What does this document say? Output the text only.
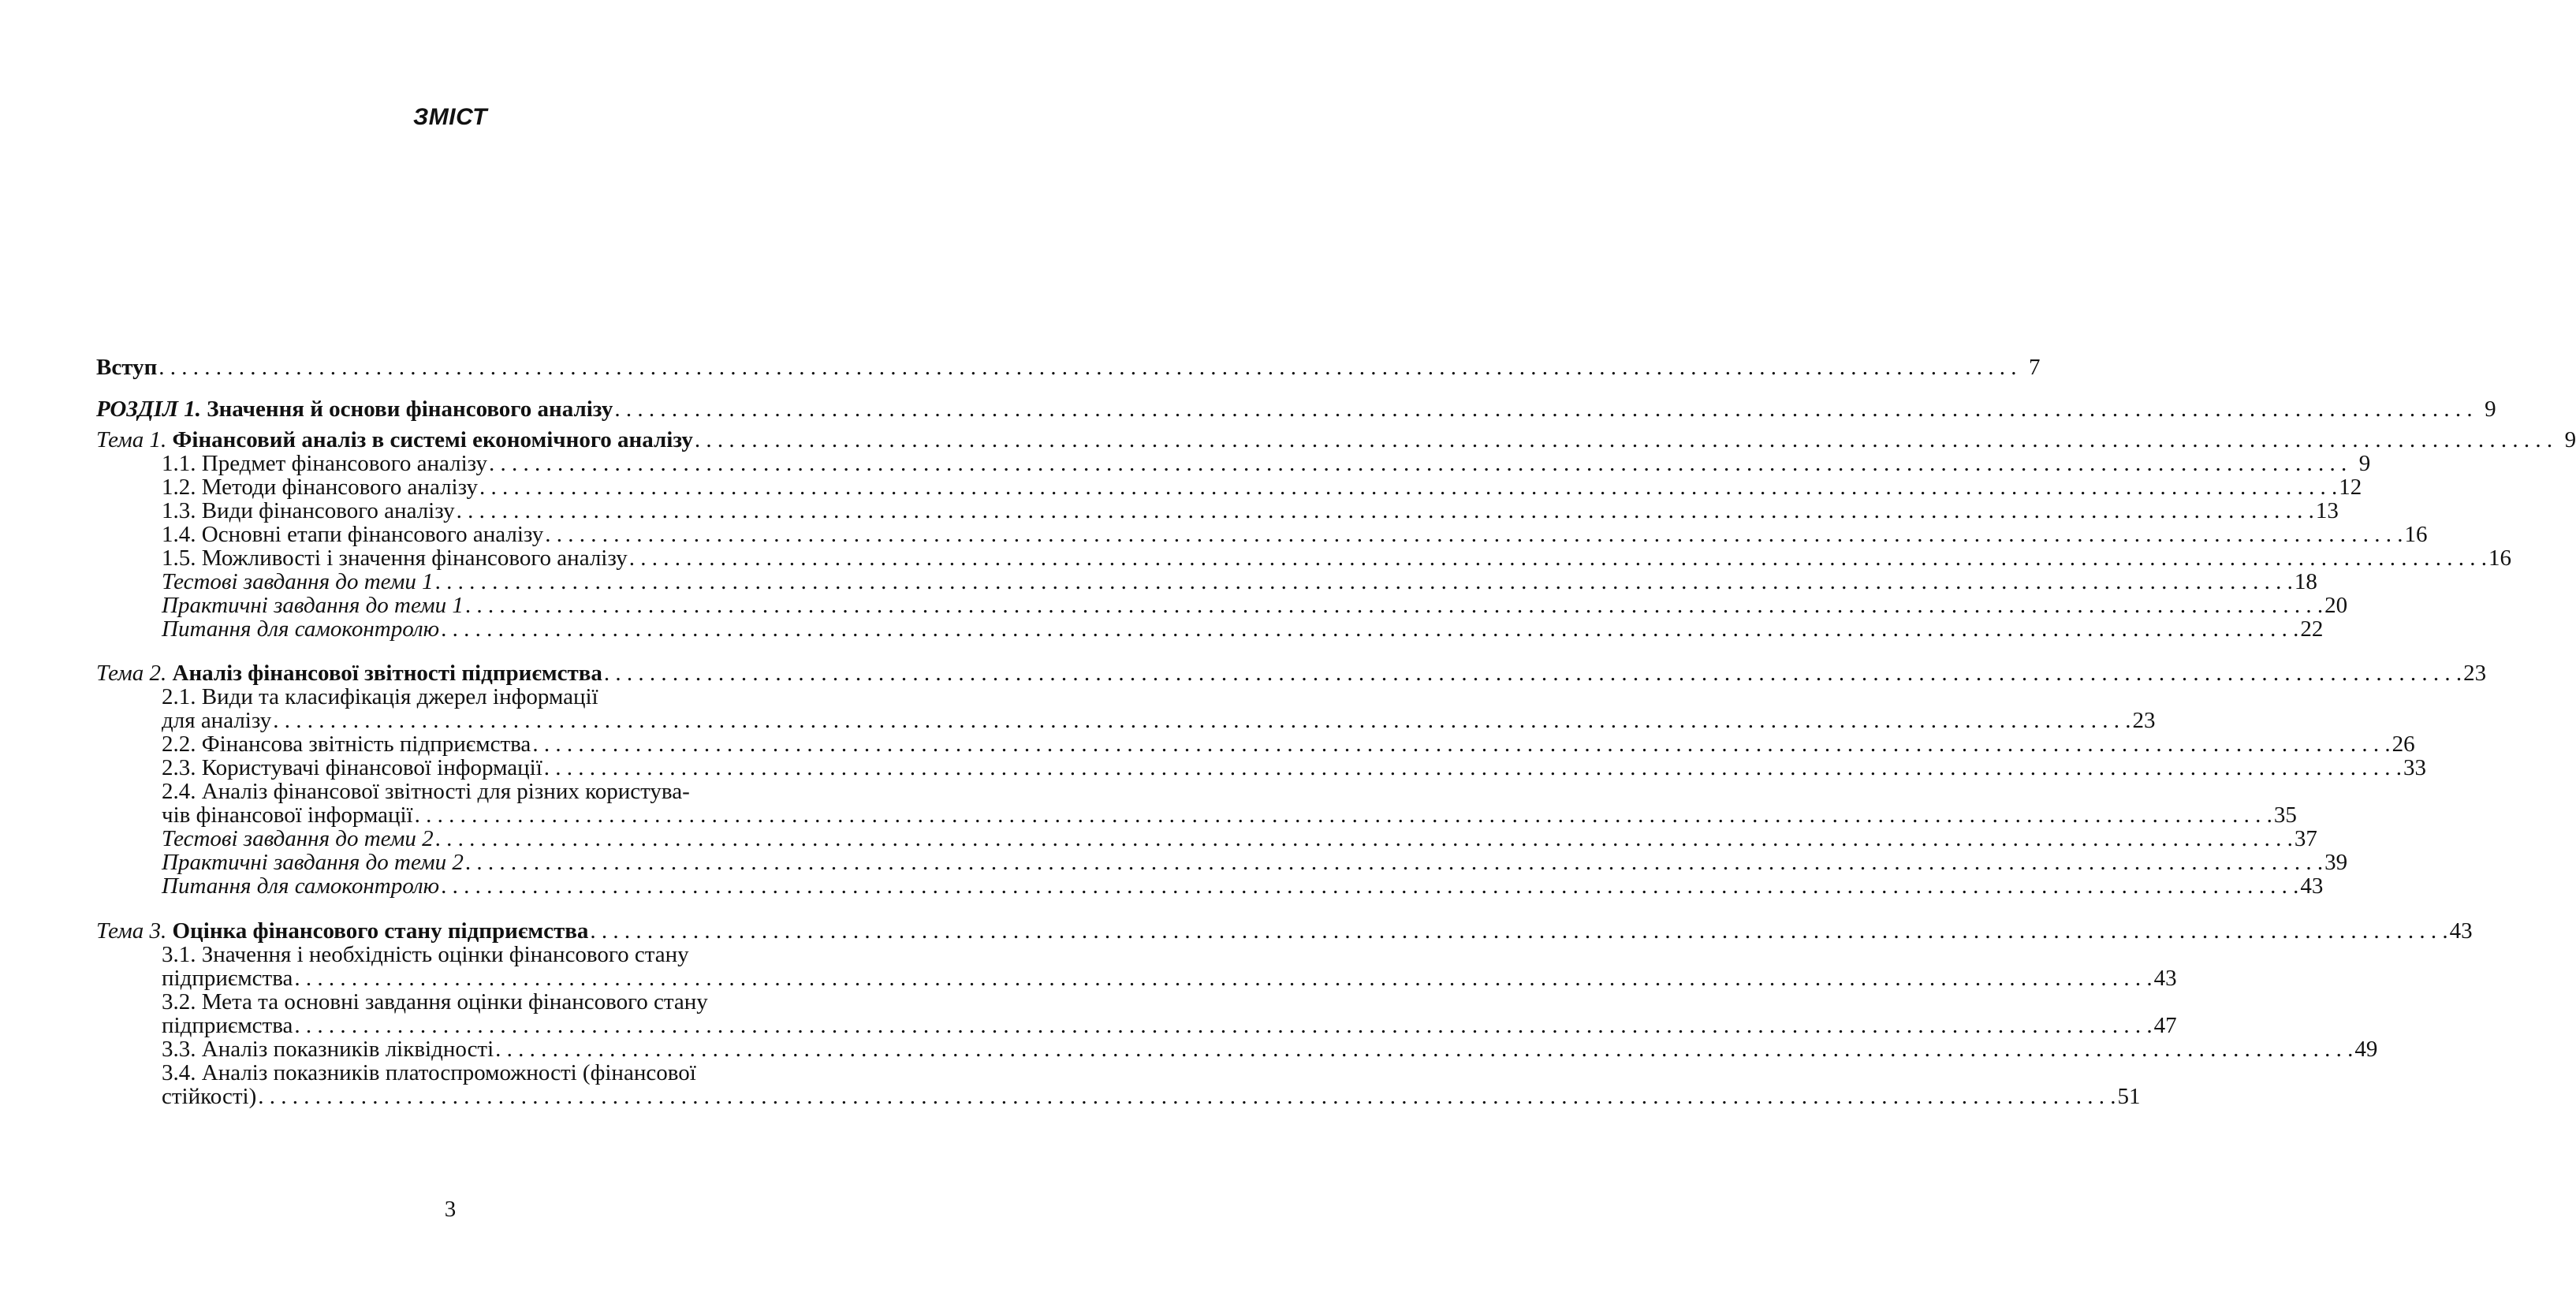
ЗМІСТ
Вступ . . .	7
РОЗДІЛ 1. Значення й основи фінансового аналізу . . .	9
Тема 1. Фінансовий аналіз в системі економічного аналізу . . .	9
1.1. Предмет фінансового аналізу . . .	9
1.2. Методи фінансового аналізу . . .	12
1.3. Види фінансового аналізу . . .	13
1.4. Основні етапи фінансового аналізу . . .	16
1.5. Можливості і значення фінансового аналізу . . .	16
Тестові завдання до теми 1 . . .	18
Практичні завдання до теми 1 . . .	20
Питання для самоконтролю . . .	22
Тема 2. Аналіз фінансової звітності підприємства . . .	23
2.1. Види та класифікація джерел інформації
для аналізу . . .	23
2.2. Фінансова звітність підприємства . . .	26
2.3. Користувачі фінансової інформації . . .	33
2.4. Аналіз фінансової звітності для різних користува-
чів фінансової інформації . . .	35
Тестові завдання до теми 2 . . .	37
Практичні завдання до теми 2 . . .	39
Питання для самоконтролю . . .	43
Тема 3. Оцінка фінансового стану підприємства . . .	43
3.1. Значення і необхідність оцінки фінансового стану
підприємства . . .	43
3.2. Мета та основні завдання оцінки фінансового стану
підприємства . . .	47
3.3. Аналіз показників ліквідності . . .	49
3.4. Аналіз показників платоспроможності (фінансової
стійкості) . . .	51
3
